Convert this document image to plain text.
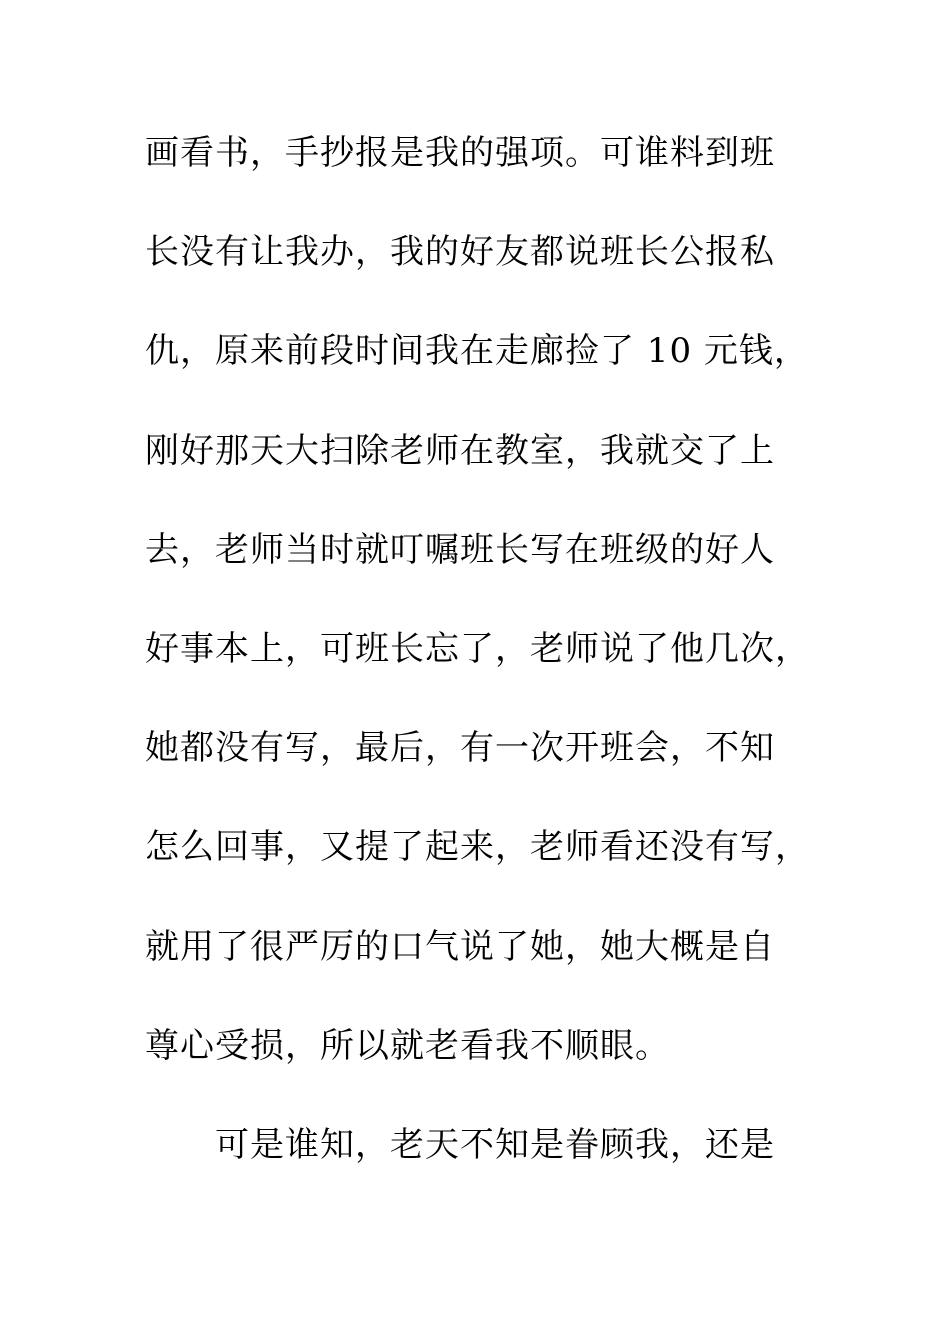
画看书，手抄报是我的强项。可谁料到班
长没有让我办，我的好友都说班长公报私
仇，原来前段时间我在走廊捡了 10 元钱，
刚好那天大扫除老师在教室，我就交了上
去，老师当时就叮嘱班长写在班级的好人
好事本上，可班长忘了，老师说了他几次，
她都没有写，最后，有一次开班会，不知
怎么回事，又提了起来，老师看还没有写，
就用了很严厉的口气说了她，她大概是自
尊心受损，所以就老看我不顺眼。
可是谁知，老天不知是眷顾我，还是
